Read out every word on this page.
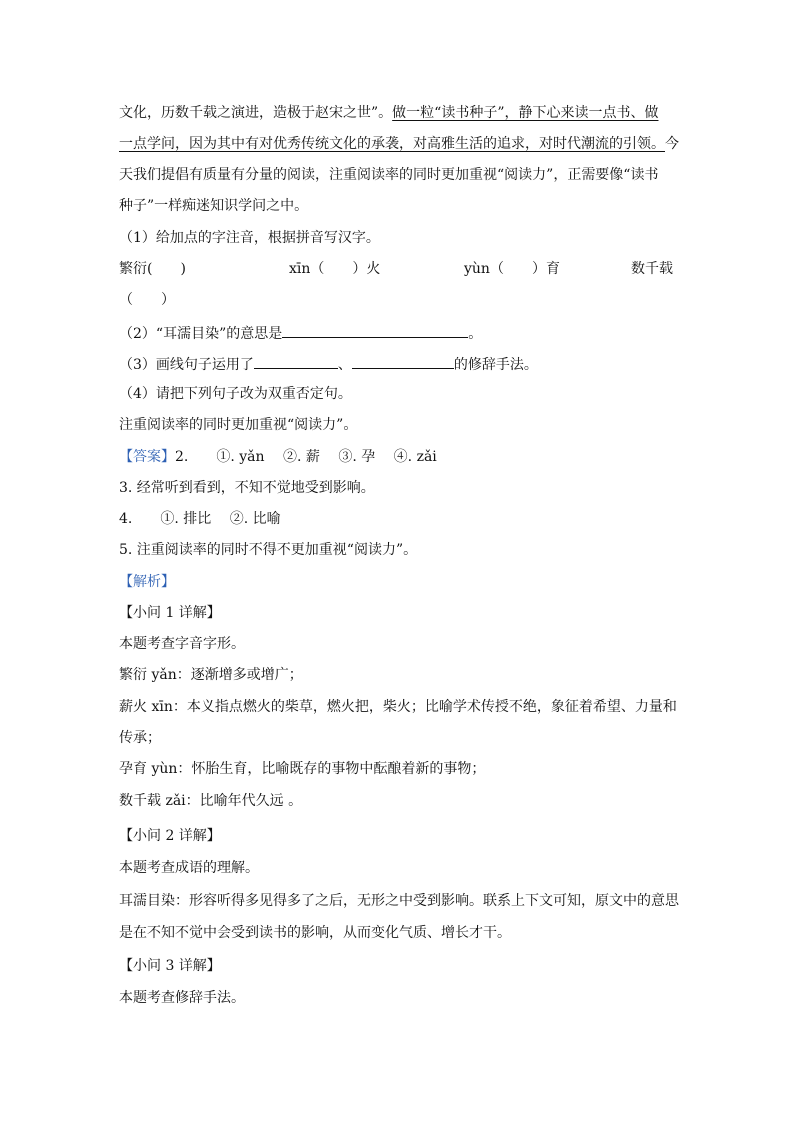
文化，历数千载之演进，造极于赵宋之世”。做一粒“读书种子”，静下心来读一点书、做
一点学问，因为其中有对优秀传统文化的承袭，对高雅生活的追求，对时代潮流的引领。今
天我们提倡有质量有分量的阅读，注重阅读率的同时更加重视“阅读力”，正需要像“读书
种子”一样痴迷知识学问之中。
（1）给加点的字注音，根据拼音写汉字。
繁衍(　　)	xīn（　　）火	yùn（　　）育	数千载
（　　）
（2）“耳濡目染”的意思是	。
（3）画线句子运用了	、	的修辞手法。
（4）请把下列句子改为双重否定句。
注重阅读率的同时更加重视“阅读力”。
【答案】2.　　①. yǎn　 ②. 薪　 ③. 孕　 ④. zǎi
3. 经常听到看到，不知不觉地受到影响。
4.　　①. 排比　 ②. 比喻
5. 注重阅读率的同时不得不更加重视“阅读力”。
【解析】
【小问 1 详解】
本题考查字音字形。
繁衍 yǎn：逐渐增多或增广；
薪火 xīn：本义指点燃火的柴草，燃火把，柴火；比喻学术传授不绝，象征着希望、力量和
传承；
孕育 yùn：怀胎生育，比喻既存的事物中酝酿着新的事物；
数千载 zǎi：比喻年代久远 。
【小问 2 详解】
本题考查成语的理解。
耳濡目染：形容听得多见得多了之后，无形之中受到影响。联系上下文可知，原文中的意思
是在不知不觉中会受到读书的影响，从而变化气质、增长才干。
【小问 3 详解】
本题考查修辞手法。
